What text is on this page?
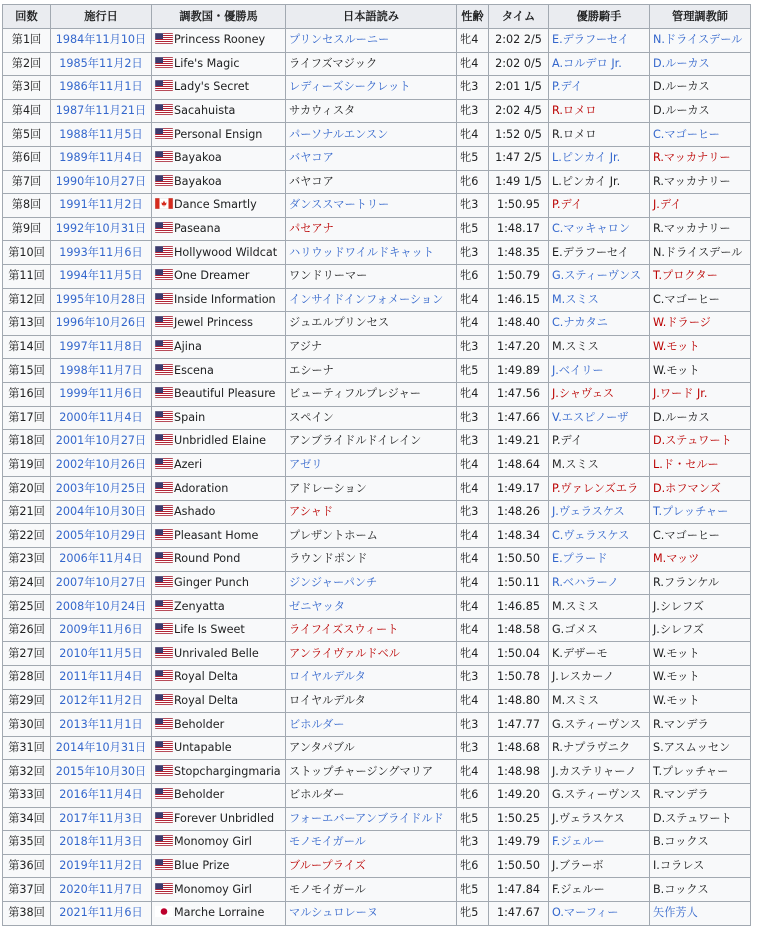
回数	施行日	調教国・優勝馬	日本語読み	性齢	タイム	優勝騎手	管理調教師
第1回	1984年11月10日	Princess Rooney	プリンセスルーニー	牝4	2:02 2/5	E.デラフーセイ	N.ドライスデール
第2回	1985年11月2日	Life's Magic	ライフズマジック	牝4	2:02 0/5	A.コルデロ Jr.	D.ルーカス
第3回	1986年11月1日	Lady's Secret	レディーズシークレット	牝3	2:01 1/5	P.デイ	D.ルーカス
第4回	1987年11月21日	Sacahuista	サカウィスタ	牝3	2:02 4/5	R.ロメロ	D.ルーカス
第5回	1988年11月5日	Personal Ensign	パーソナルエンスン	牝4	1:52 0/5	R.ロメロ	C.マゴーヒー
第6回	1989年11月4日	Bayakoa	バヤコア	牝5	1:47 2/5	L.ピンカイ Jr.	R.マッカナリー
第7回	1990年10月27日	Bayakoa	バヤコア	牝6	1:49 1/5	L.ピンカイ Jr.	R.マッカナリー
第8回	1991年11月2日	Dance Smartly	ダンススマートリー	牝3	1:50.95	P.デイ	J.デイ
第9回	1992年10月31日	Paseana	パセアナ	牝5	1:48.17	C.マッキャロン	R.マッカナリー
第10回	1993年11月6日	Hollywood Wildcat	ハリウッドワイルドキャット	牝3	1:48.35	E.デラフーセイ	N.ドライスデール
第11回	1994年11月5日	One Dreamer	ワンドリーマー	牝6	1:50.79	G.スティーヴンス	T.プロクター
第12回	1995年10月28日	Inside Information	インサイドインフォメーション	牝4	1:46.15	M.スミス	C.マゴーヒー
第13回	1996年10月26日	Jewel Princess	ジュエルプリンセス	牝4	1:48.40	C.ナカタニ	W.ドラージ
第14回	1997年11月8日	Ajina	アジナ	牝3	1:47.20	M.スミス	W.モット
第15回	1998年11月7日	Escena	エシーナ	牝5	1:49.89	J.ベイリー	W.モット
第16回	1999年11月6日	Beautiful Pleasure	ビューティフルプレジャー	牝4	1:47.56	J.シャヴェス	J.ワード Jr.
第17回	2000年11月4日	Spain	スペイン	牝3	1:47.66	V.エスピノーザ	D.ルーカス
第18回	2001年10月27日	Unbridled Elaine	アンブライドルドイレイン	牝3	1:49.21	P.デイ	D.ステュワート
第19回	2002年10月26日	Azeri	アゼリ	牝4	1:48.64	M.スミス	L.ド・セルー
第20回	2003年10月25日	Adoration	アドレーション	牝4	1:49.17	P.ヴァレンズエラ	D.ホフマンズ
第21回	2004年10月30日	Ashado	アシャド	牝3	1:48.26	J.ヴェラスケス	T.プレッチャー
第22回	2005年10月29日	Pleasant Home	プレザントホーム	牝4	1:48.34	C.ヴェラスケス	C.マゴーヒー
第23回	2006年11月4日	Round Pond	ラウンドポンド	牝4	1:50.50	E.プラード	M.マッツ
第24回	2007年10月27日	Ginger Punch	ジンジャーパンチ	牝4	1:50.11	R.ベハラーノ	R.フランケル
第25回	2008年10月24日	Zenyatta	ゼニヤッタ	牝4	1:46.85	M.スミス	J.シレフズ
第26回	2009年11月6日	Life Is Sweet	ライフイズスウィート	牝4	1:48.58	G.ゴメス	J.シレフズ
第27回	2010年11月5日	Unrivaled Belle	アンライヴァルドベル	牝4	1:50.04	K.デザーモ	W.モット
第28回	2011年11月4日	Royal Delta	ロイヤルデルタ	牝3	1:50.78	J.レスカーノ	W.モット
第29回	2012年11月2日	Royal Delta	ロイヤルデルタ	牝4	1:48.80	M.スミス	W.モット
第30回	2013年11月1日	Beholder	ビホルダー	牝3	1:47.77	G.スティーヴンス	R.マンデラ
第31回	2014年10月31日	Untapable	アンタパブル	牝3	1:48.68	R.ナプラヴニク	S.アスムッセン
第32回	2015年10月30日	Stopchargingmaria	ストップチャージングマリア	牝4	1:48.98	J.カステリャーノ	T.プレッチャー
第33回	2016年11月4日	Beholder	ビホルダー	牝6	1:49.20	G.スティーヴンス	R.マンデラ
第34回	2017年11月3日	Forever Unbridled	フォーエバーアンブライドルド	牝5	1:50.25	J.ヴェラスケス	D.ステュワート
第35回	2018年11月3日	Monomoy Girl	モノモイガール	牝3	1:49.79	F.ジェルー	B.コックス
第36回	2019年11月2日	Blue Prize	ブループライズ	牝6	1:50.50	J.ブラーボ	I.コラレス
第37回	2020年11月7日	Monomoy Girl	モノモイガール	牝5	1:47.84	F.ジェルー	B.コックス
第38回	2021年11月6日	Marche Lorraine	マルシュロレーヌ	牝5	1:47.67	O.マーフィー	矢作芳人
